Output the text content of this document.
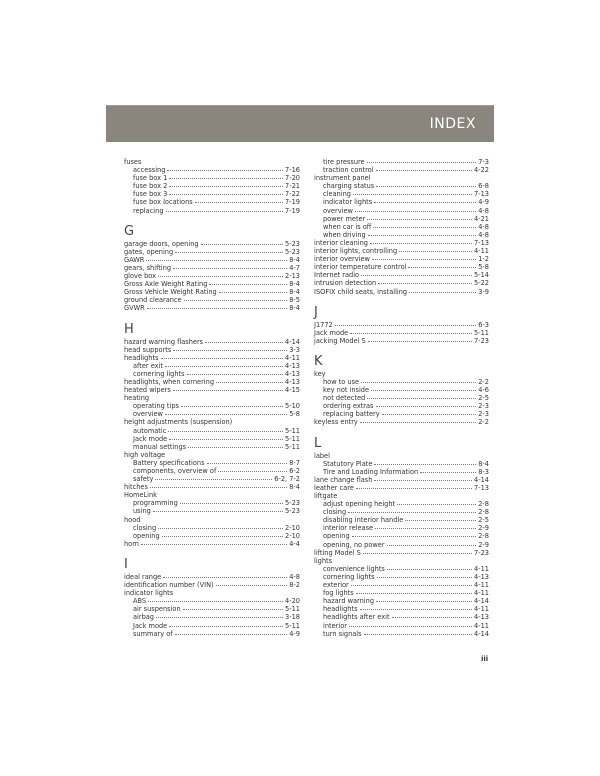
INDEX
fuses
accessing	7-16
fuse box 1	7-20
fuse box 2	7-21
fuse box 3	7-22
fuse box locations	7-19
replacing	7-19
G
garage doors, opening	5-23
gates, opening	5-23
GAWR	8-4
gears, shifting	4-7
glove box	2-13
Gross Axle Weight Rating	8-4
Gross Vehicle Weight Rating	8-4
ground clearance	8-5
GVWR	8-4
H
hazard warning flashers	4-14
head supports	3-3
headlights	4-11
after exit	4-13
cornering lights	4-13
headlights, when cornering	4-13
heated wipers	4-15
heating
operating tips	5-10
overview	5-8
height adjustments (suspension)
automatic	5-11
Jack mode	5-11
manual settings	5-11
high voltage
Battery specifications	8-7
components, overview of	6-2
safety	6-2, 7-2
hitches	8-4
HomeLink
programming	5-23
using	5-23
hood
closing	2-10
opening	2-10
horn	4-4
I
ideal range	4-8
identification number (VIN)	8-2
indicator lights
ABS	4-20
air suspension	5-11
airbag	3-18
Jack mode	5-11
summary of	4-9
tire pressure	7-3
traction control	4-22
instrument panel
charging status	6-8
cleaning	7-13
indicator lights	4-9
overview	4-8
power meter	4-21
when car is off	4-8
when driving	4-8
interior cleaning	7-13
interior lights, controlling	4-11
interior overview	1-2
interior temperature control	5-8
Internet radio	5-14
intrusion detection	5-22
ISOFIX child seats, installing	3-9
J
J1772	6-3
Jack mode	5-11
jacking Model S	7-23
K
key
how to use	2-2
key not inside	4-6
not detected	2-5
ordering extras	2-3
replacing battery	2-3
keyless entry	2-2
L
label
Statutory Plate	8-4
Tire and Loading Information	8-3
lane change flash	4-14
leather care	7-13
liftgate
adjust opening height	2-8
closing	2-8
disabling interior handle	2-5
interior release	2-9
opening	2-8
opening, no power	2-9
lifting Model S	7-23
lights
convenience lights	4-11
cornering lights	4-13
exterior	4-11
fog lights	4-11
hazard warning	4-14
headlights	4-11
headlights after exit	4-13
interior	4-11
turn signals	4-14
iii
